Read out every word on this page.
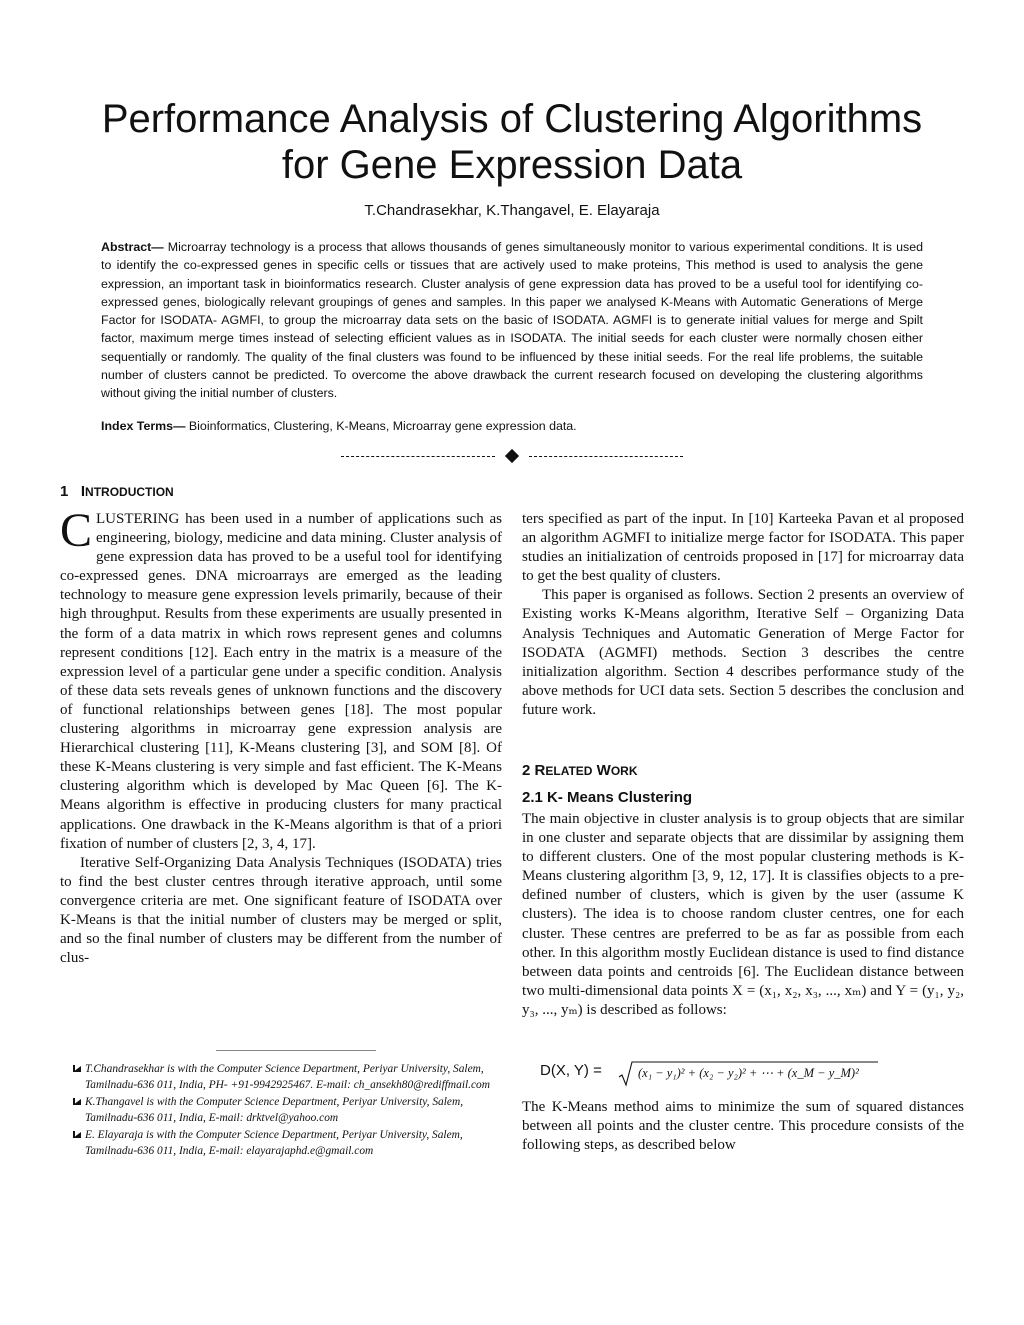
Performance Analysis of Clustering Algorithms
for Gene Expression Data
T.Chandrasekhar, K.Thangavel, E. Elayaraja

Abstract— Microarray technology is a process that allows thousands of genes simultaneously monitor to various experimental conditions. It is used to identify the co-expressed genes in specific cells or tissues that are actively used to make proteins, This method is used to analysis the gene expression, an important task in bioinformatics research. Cluster analysis of gene expression data has proved to be a useful tool for identifying co-expressed genes, biologically relevant groupings of genes and samples. In this paper we analysed K-Means with Automatic Generations of Merge Factor for ISODATA- AGMFI, to group the microarray data sets on the basic of ISODATA. AGMFI is to generate initial values for merge and Spilt factor, maximum merge times instead of selecting efficient values as in ISODATA. The initial seeds for each cluster were normally chosen either sequentially or randomly. The quality of the final clusters was found to be influenced by these initial seeds. For the real life problems, the suitable number of clusters cannot be predicted. To overcome the above drawback the current research focused on developing the clustering algorithms without giving the initial number of clusters.

Index Terms— Bioinformatics, Clustering, K-Means, Microarray gene expression data.

1 INTRODUCTION

CLUSTERING has been used in a number of applications such as engineering, biology, medicine and data mining. Cluster analysis of gene expression data has proved to be a useful tool for identifying co-expressed genes. DNA microarrays are emerged as the leading technology to measure gene expression levels primarily, because of their high throughput. Results from these experiments are usually presented in the form of a data matrix in which rows represent genes and columns represent conditions [12]. Each entry in the matrix is a measure of the expression level of a particular gene under a specific condition. Analysis of these data sets reveals genes of unknown functions and the discovery of functional relationships between genes [18]. The most popular clustering algorithms in microarray gene expression analysis are Hierarchical clustering [11], K-Means clustering [3], and SOM [8]. Of these K-Means clustering is very simple and fast efficient. The K-Means clustering algorithm which is developed by Mac Queen [6]. The K-Means algorithm is effective in producing clusters for many practical applications. One drawback in the K-Means algorithm is that of a priori fixation of number of clusters [2, 3, 4, 17].

Iterative Self-Organizing Data Analysis Techniques (ISODATA) tries to find the best cluster centres through iterative approach, until some convergence criteria are met. One significant feature of ISODATA over K-Means is that the initial number of clusters may be merged or split, and so the final number of clusters may be different from the number of clus-

T.Chandrasekhar is with the Computer Science Department, Periyar University, Salem, Tamilnadu-636 011, India, PH- +91-9942925467. E-mail: ch_ansekh80@rediffmail.com

K.Thangavel is with the Computer Science Department, Periyar University, Salem, Tamilnadu-636 011, India, E-mail: drktvel@yahoo.com

E. Elayaraja is with the Computer Science Department, Periyar University, Salem, Tamilnadu-636 011, India, E-mail: elayarajaphd.e@gmail.com

ters specified as part of the input. In [10] Karteeka Pavan et al proposed an algorithm AGMFI to initialize merge factor for ISODATA. This paper studies an initialization of centroids proposed in [17] for microarray data to get the best quality of clusters.

This paper is organised as follows. Section 2 presents an overview of Existing works K-Means algorithm, Iterative Self – Organizing Data Analysis Techniques and Automatic Generation of Merge Factor for ISODATA (AGMFI) methods. Section 3 describes the centre initialization algorithm. Section 4 describes performance study of the above methods for UCI data sets. Section 5 describes the conclusion and future work.

2 RELATED WORK
2.1 K- Means Clustering

The main objective in cluster analysis is to group objects that are similar in one cluster and separate objects that are dissimilar by assigning them to different clusters. One of the most popular clustering methods is K-Means clustering algorithm [3, 9, 12, 17]. It is classifies objects to a pre-defined number of clusters, which is given by the user (assume K clusters). The idea is to choose random cluster centres, one for each cluster. These centres are preferred to be as far as possible from each other. In this algorithm mostly Euclidean distance is used to find distance between data points and centroids [6]. The Euclidean distance between two multi-dimensional data points X = (x₁, x₂, x₃, ..., xₘ) and Y = (y₁, y₂, y₃, ..., yₘ) is described as follows:

D(X, Y) =	(x₁ − y₁)² + (x₂ − y₂)² + ⋯ + (x_M − y_M)²

The K-Means method aims to minimize the sum of squared distances between all points and the cluster centre. This procedure consists of the following steps, as described below
